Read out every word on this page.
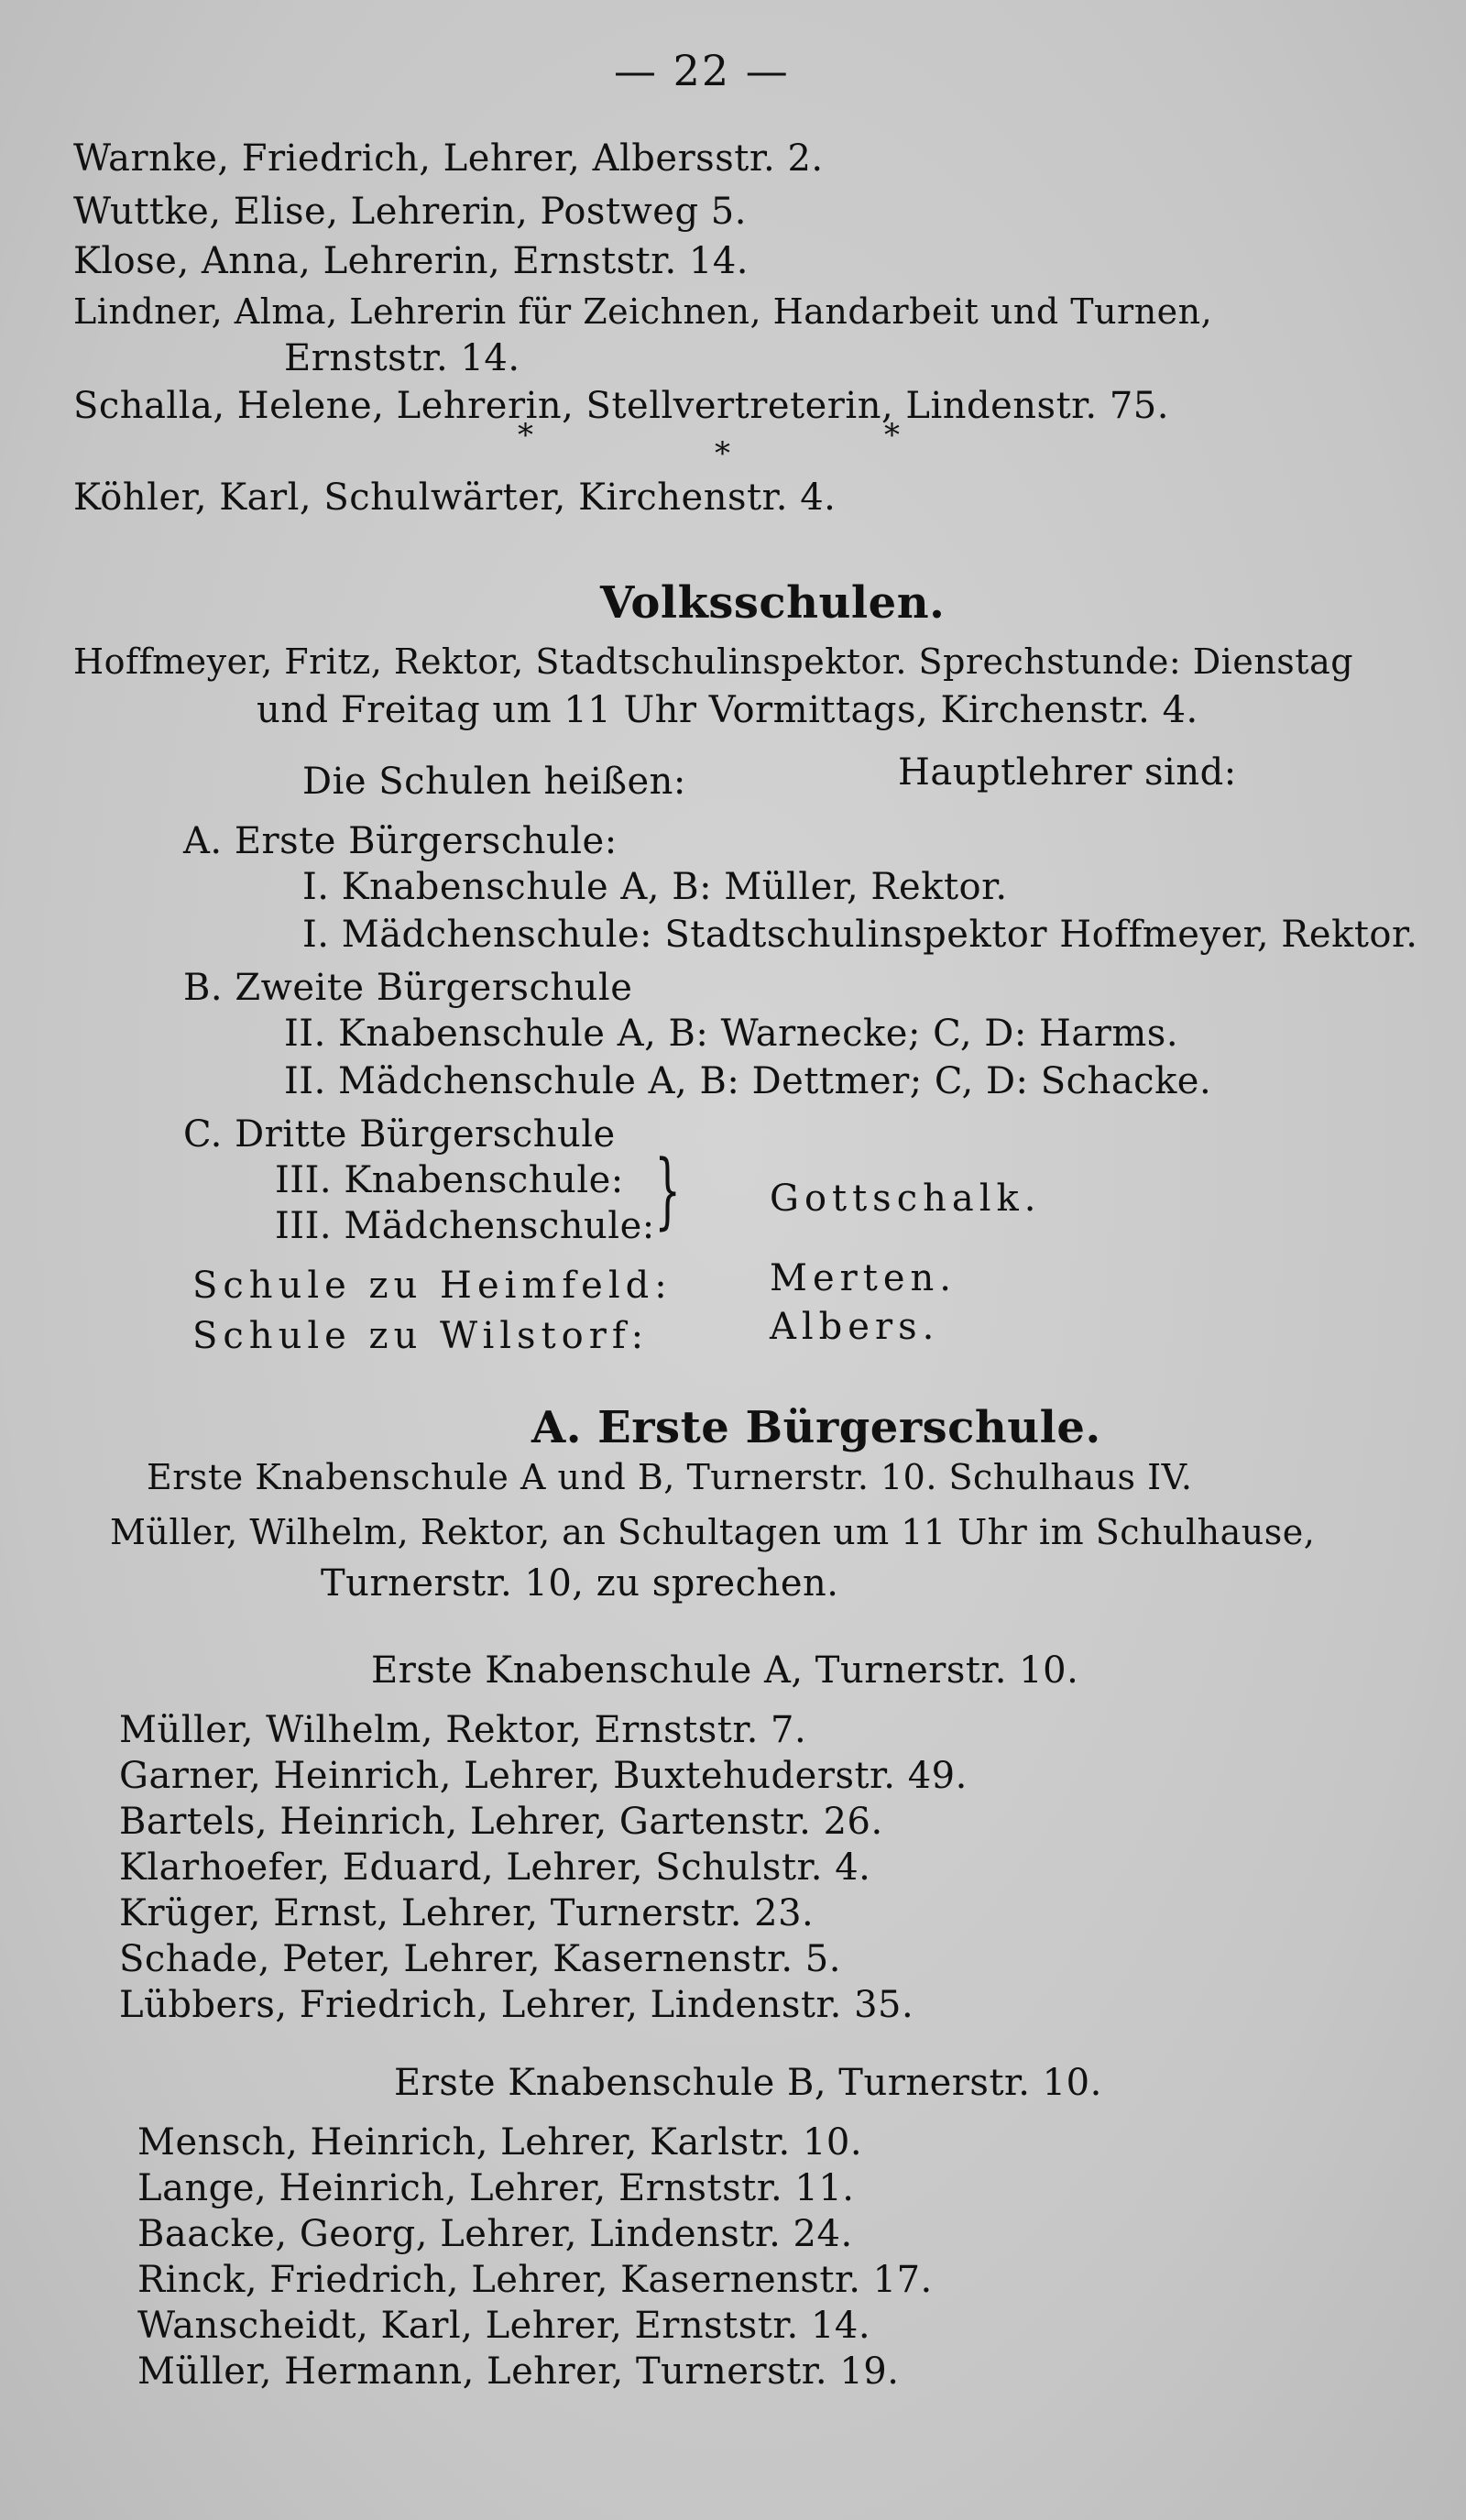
— 22 —
Warnke, Friedrich, Lehrer, Albersstr. 2.
Wuttke, Elise, Lehrerin, Postweg 5.
Klose, Anna, Lehrerin, Ernststr. 14.
Lindner, Alma, Lehrerin für Zeichnen, Handarbeit und Turnen,
Ernststr. 14.
Schalla, Helene, Lehrerin, Stellvertreterin, Lindenstr. 75.
*	*	*
Köhler, Karl, Schulwärter, Kirchenstr. 4.
Volksschulen.
Hoffmeyer, Fritz, Rektor, Stadtschulinspektor. Sprechstunde: Dienstag
und Freitag um 11 Uhr Vormittags, Kirchenstr. 4.
Die Schulen heißen:	Hauptlehrer sind:
A. Erste Bürgerschule:
I. Knabenschule A, B: Müller, Rektor.
I. Mädchenschule: Stadtschulinspektor Hoffmeyer, Rektor.
B. Zweite Bürgerschule
II. Knabenschule A, B: Warnecke; C, D: Harms.
II. Mädchenschule A, B: Dettmer; C, D: Schacke.
C. Dritte Bürgerschule
III. Knabenschule:
III. Mädchenschule: } Gottschalk.
Schule zu Heimfeld:	Merten.
Schule zu Wilstorf:	Albers.
A. Erste Bürgerschule.
Erste Knabenschule A und B, Turnerstr. 10. Schulhaus IV.
Müller, Wilhelm, Rektor, an Schultagen um 11 Uhr im Schulhause,
Turnerstr. 10, zu sprechen.
Erste Knabenschule A, Turnerstr. 10.
Müller, Wilhelm, Rektor, Ernststr. 7.
Garner, Heinrich, Lehrer, Buxtehuderstr. 49.
Bartels, Heinrich, Lehrer, Gartenstr. 26.
Klarhoefer, Eduard, Lehrer, Schulstr. 4.
Krüger, Ernst, Lehrer, Turnerstr. 23.
Schade, Peter, Lehrer, Kasernenstr. 5.
Lübbers, Friedrich, Lehrer, Lindenstr. 35.
Erste Knabenschule B, Turnerstr. 10.
Mensch, Heinrich, Lehrer, Karlstr. 10.
Lange, Heinrich, Lehrer, Ernststr. 11.
Baacke, Georg, Lehrer, Lindenstr. 24.
Rinck, Friedrich, Lehrer, Kasernenstr. 17.
Wanscheidt, Karl, Lehrer, Ernststr. 14.
Müller, Hermann, Lehrer, Turnerstr. 19.
